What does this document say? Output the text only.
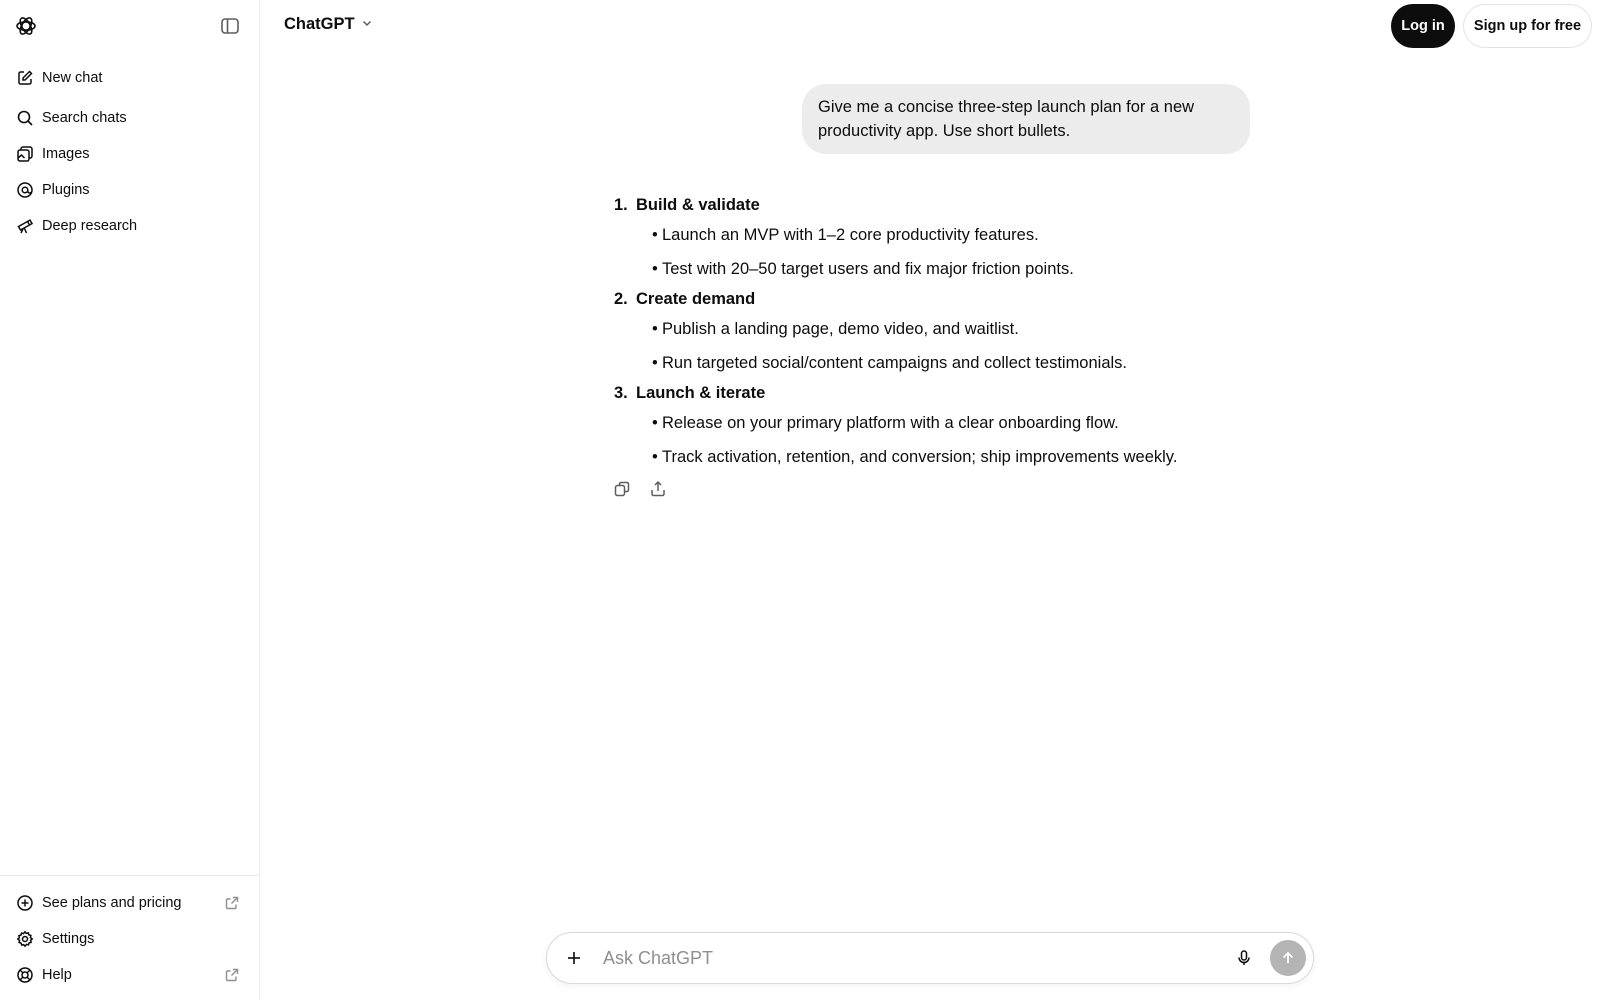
New chat
Search chats
Images
Plugins
Deep research
See plans and pricing
Settings
Help
ChatGPT	Log in	Sign up for free
Give me a concise three-step launch plan for a new productivity app. Use short bullets.
1. Build & validate
• Launch an MVP with 1–2 core productivity features.
• Test with 20–50 target users and fix major friction points.
2. Create demand
• Publish a landing page, demo video, and waitlist.
• Run targeted social/content campaigns and collect testimonials.
3. Launch & iterate
• Release on your primary platform with a clear onboarding flow.
• Track activation, retention, and conversion; ship improvements weekly.
Ask ChatGPT
